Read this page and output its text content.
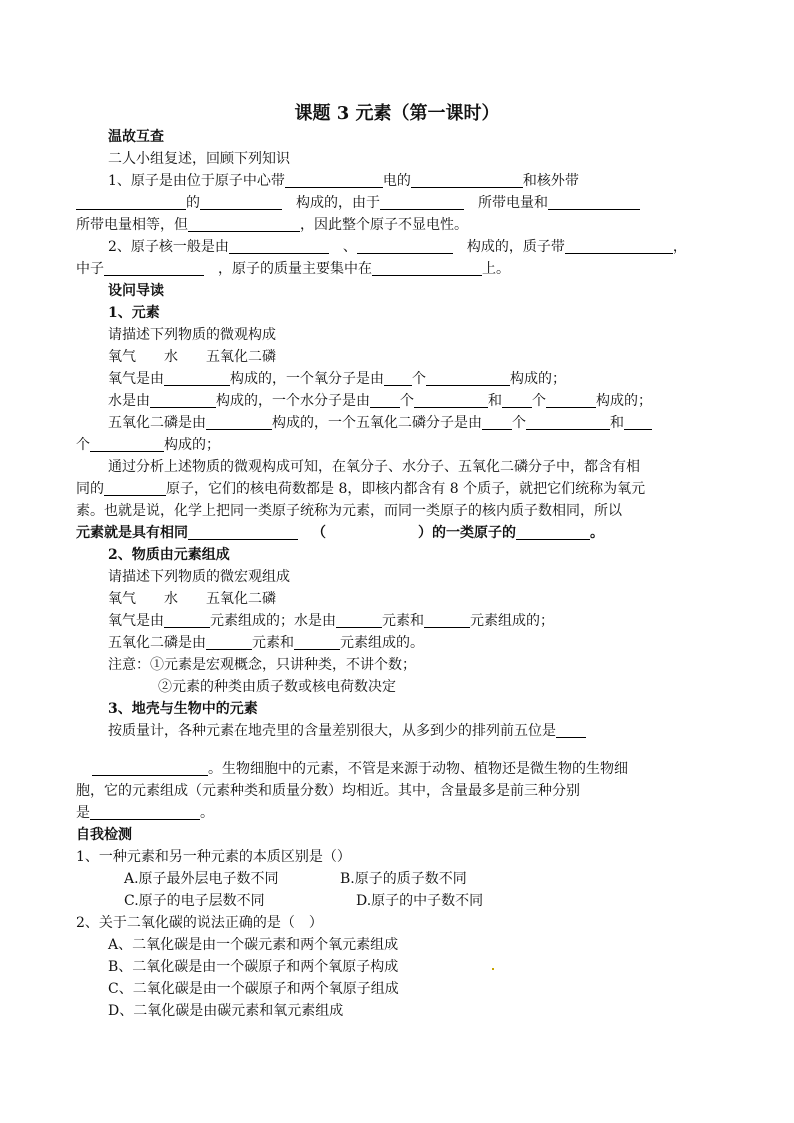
课题 3 元素（第一课时）
温故互查
二人小组复述，回顾下列知识
1、原子是由位于原子中心带	电的	和核外带
的 	构成的，由于 	所带电量和
所带电量相等，但	，因此整个原子不显电性。
2、原子核一般是由 	、 	构成的，质子带	，
中子 	，原子的质量主要集中在	上。
设问导读
1、元素
请描述下列物质的微观构成
氧气　　水　　五氧化二磷
氧气是由	构成的，一个氧分子是由 个	构成的；
水是由	构成的，一个水分子是由 个	和 个	构成的；
五氧化二磷是由	构成的，一个五氧化二磷分子是由 个	和
个	构成的；
通过分析上述物质的微观构成可知，在氧分子、水分子、五氧化二磷分子中，都含有相
同的	原子，它们的核电荷数都是 8，即核内都含有 8 个质子，就把它们统称为氧元
素。也就是说，化学上把同一类原子统称为元素，而同一类原子的核内质子数相同，所以
元素就是具有相同 	（	）的一类原子的	。
2、物质由元素组成
请描述下列物质的微宏观组成
氧气　　水　　五氧化二磷
氧气是由	元素组成的；水是由	元素和	元素组成的；
五氧化二磷是由	元素和	元素组成的。
注意：①元素是宏观概念，只讲种类，不讲个数；
②元素的种类由质子数或核电荷数决定
3、地壳与生物中的元素
按质量计，各种元素在地壳里的含量差别很大，从多到少的排列前五位是
。生物细胞中的元素，不管是来源于动物、植物还是微生物的生物细
胞，它的元素组成（元素种类和质量分数）均相近。其中，含量最多是前三种分别
是	。
自我检测
1、一种元素和另一种元素的本质区别是（）
A.原子最外层电子数不同	B.原子的质子数不同
C.原子的电子层数不同	D.原子的中子数不同
2、关于二氧化碳的说法正确的是（　）
A、二氧化碳是由一个碳元素和两个氧元素组成
B、二氧化碳是由一个碳原子和两个氧原子构成
C、二氧化碳是由一个碳原子和两个氧原子组成
D、二氧化碳是由碳元素和氧元素组成
